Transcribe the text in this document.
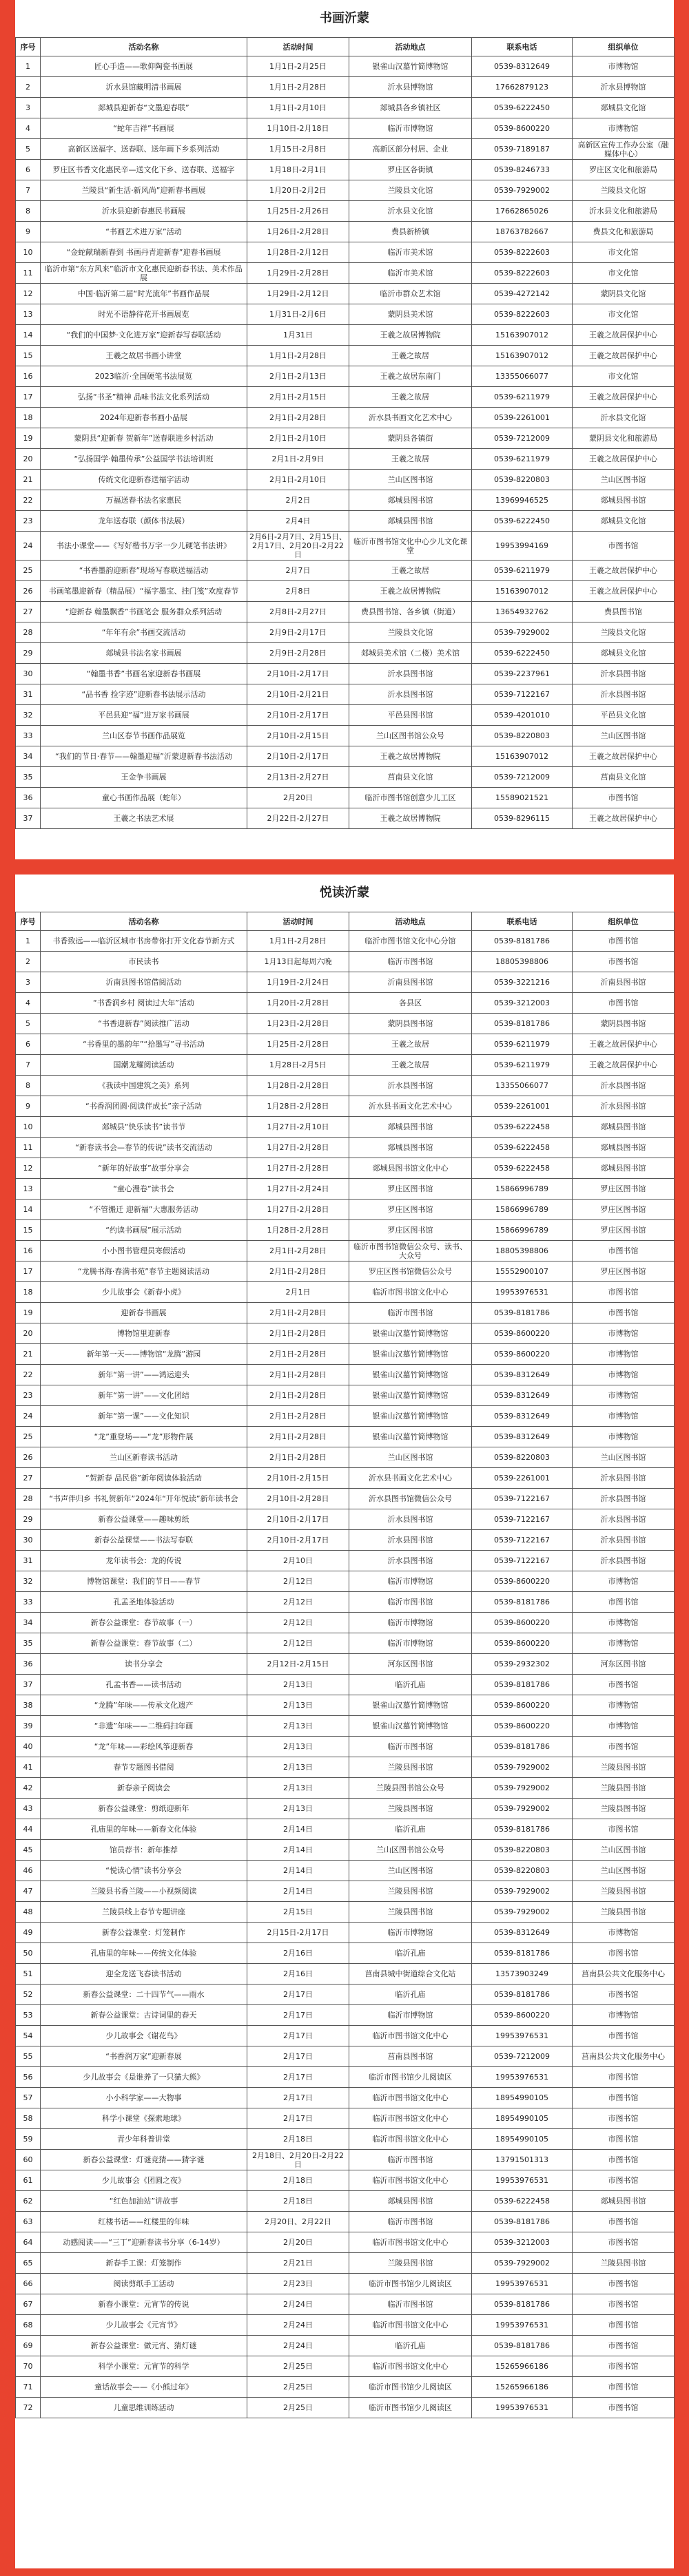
书画沂蒙
序号	活动名称	活动时间	活动地点	联系电话	组织单位
1	匠心手造——歌仰陶瓷书画展	1月1日-2月25日	银雀山汉墓竹简博物馆	0539-8312649	市博物馆
2	沂水县馆藏明清书画展	1月1日-2月28日	沂水县博物馆	17662879123	沂水县博物馆
3	郯城县迎新春“文墨迎春联”	1月1日-2月10日	郯城县各乡镇社区	0539-6222450	郯城县文化馆
4	“蛇年吉祥”书画展	1月10日-2月18日	临沂市博物馆	0539-8600220	市博物馆
5	高新区送福字、送春联、送年画下乡系列活动	1月15日-2月8日	高新区部分村居、企业	0539-7189187	高新区宣传工作办公室（融媒体中心）
6	罗庄区书香文化惠民辛—送文化下乡、送春联、送福字	1月18日-2月1日	罗庄区各街镇	0539-8246733	罗庄区文化和旅游局
7	兰陵县“新生活·新风尚”迎新春书画展	1月20日-2月2日	兰陵县文化馆	0539-7929002	兰陵县文化馆
8	沂水县迎新春惠民书画展	1月25日-2月26日	沂水县文化馆	17662865026	沂水县文化和旅游局
9	“书画艺术进万家”活动	1月26日-2月28日	费县新桥镇	18763782667	费县文化和旅游局
10	“金蛇献瑞新春到 书画丹青迎新春”迎春书画展	1月28日-2月12日	临沂市美术馆	0539-8222603	市文化馆
11	临沂市第“东方风来”临沂市文化惠民迎新春书法、美术作品展	1月29日-2月28日	临沂市美术馆	0539-8222603	市文化馆
12	中国·临沂第二届“时光流年”书画作品展	1月29日-2月12日	临沂市群众艺术馆	0539-4272142	蒙阴县文化馆
13	时光不语静待花开书画展览	1月31日-2月6日	蒙阴县美术馆	0539-8222603	市文化馆
14	“我们的中国梦·文化进万家”迎新春写春联活动	1月31日	王羲之故居博物院	15163907012	王羲之故居保护中心
15	王羲之故居书画小讲堂	1月1日-2月28日	王羲之故居	15163907012	王羲之故居保护中心
16	2023临沂·全国硬笔书法展览	2月1日-2月13日	王羲之故居东南门	13355066077	市文化馆
17	弘扬“书圣”精神 品味书法文化系列活动	2月1日-2月15日	王羲之故居	0539-6211979	王羲之故居保护中心
18	2024年迎新春书画小品展	2月1日-2月28日	沂水县书画文化艺术中心	0539-2261001	沂水县文化馆
19	蒙阴县“迎新春 贺新年”送春联进乡村活动	2月1日-2月10日	蒙阴县各镇街	0539-7212009	蒙阴县文化和旅游局
20	“弘扬国学·翰墨传承”公益国学书法培训班	2月1日-2月9日	王羲之故居	0539-6211979	王羲之故居保护中心
21	传统文化迎新春送福字活动	2月1日-2月10日	兰山区图书馆	0539-8220803	兰山区图书馆
22	万福送春书法名家惠民	2月2日	郯城县图书馆	13969946525	郯城县图书馆
23	龙年送春联（颜体书法展）	2月4日	郯城县图书馆	0539-6222450	郯城县文化馆
24	书法小课堂——《写好楷书万字一少儿硬笔书法讲》	2月6日-2月7日、2月15日、2月17日、2月20日-2月22日	临沂市图书馆文化中心少儿文化课堂	19953994169	市图书馆
25	“书香墨韵迎新春”现场写春联送福活动	2月7日	王羲之故居	0539-6211979	王羲之故居保护中心
26	书画笔墨迎新春（精品展）“福字墨宝、挂门笺”欢度春节	2月8日	王羲之故居博物院	15163907012	王羲之故居保护中心
27	“迎新春 翰墨飘香”书画笔会 服务群众系列活动	2月8日-2月27日	费县图书馆、各乡镇（街道）	13654932762	费县图书馆
28	“年年有余”书画交流活动	2月9日-2月17日	兰陵县文化馆	0539-7929002	兰陵县文化馆
29	郯城县书法名家书画展	2月9日-2月28日	郯城县美术馆（二楼）美术馆	0539-6222450	郯城县文化馆
30	“翰墨书香”书画名家迎新春书画展	2月10日-2月17日	沂水县图书馆	0539-2237961	沂水县图书馆
31	“品书香 捡字迹”迎新春书法展示活动	2月10日-2月21日	沂水县图书馆	0539-7122167	沂水县图书馆
32	平邑县迎“福”进万家书画展	2月10日-2月17日	平邑县图书馆	0539-4201010	平邑县文化馆
33	兰山区春节书画作品展览	2月10日-2月15日	兰山区图书馆公众号	0539-8220803	兰山区图书馆
34	“我们的节日·春节——翰墨迎福”沂蒙迎新春书法活动	2月10日-2月17日	王羲之故居博物院	15163907012	王羲之故居保护中心
35	王金争书画展	2月13日-2月27日	莒南县文化馆	0539-7212009	莒南县文化馆
36	童心书画作品展（蛇年）	2月20日	临沂市图书馆创意少儿工区	15589021521	市图书馆
37	王羲之书法艺术展	2月22日-2月27日	王羲之故居博物院	0539-8296115	王羲之故居保护中心
悦读沂蒙
序号	活动名称	活动时间	活动地点	联系电话	组织单位
1	书香致远——临沂区城市书房带你打开文化春节新方式	1月1日-2月28日	临沂市图书馆文化中心分馆	0539-8181786	市图书馆
2	市民读书	1月13日起每周六晚	临沂市图书馆	18805398806	市图书馆
3	沂南县图书馆借阅活动	1月19日-2月24日	沂南县图书馆	0539-3221216	沂南县图书馆
4	“书香润乡村 阅读过大年”活动	1月20日-2月28日	各县区	0539-3212003	市图书馆
5	“书香迎新春”阅读推广活动	1月23日-2月28日	蒙阴县图书馆	0539-8181786	蒙阴县图书馆
6	“书香里的墨韵年”“拾墨写”寻书活动	1月25日-2月28日	王羲之故居	0539-6211979	王羲之故居保护中心
7	国潮龙耀阅读活动	1月28日-2月5日	王羲之故居	0539-6211979	王羲之故居保护中心
8	《我读中国建筑之美》系列	1月28日-2月28日	沂水县图书馆	13355066077	沂水县图书馆
9	“书香润团圆·阅读伴成长”亲子活动	1月28日-2月28日	沂水县书画文化艺术中心	0539-2261001	沂水县图书馆
10	郯城县“快乐读书”读书节	1月27日-2月10日	郯城县图书馆	0539-6222458	郯城县图书馆
11	“新春读书会—春节的传说”读书交流活动	1月27日-2月28日	郯城县图书馆	0539-6222458	郯城县图书馆
12	“新年的好故事”故事分享会	1月27日-2月28日	郯城县图书馆文化中心	0539-6222458	郯城县图书馆
13	“童心漫卷”读书会	1月27日-2月24日	罗庄区图书馆	15866996789	罗庄区图书馆
14	“不管搬迁 迎新福”大惠服务活动	1月27日-2月28日	罗庄区图书馆	15866996789	罗庄区图书馆
15	“约读书画展”展示活动	1月28日-2月28日	罗庄区图书馆	15866996789	罗庄区图书馆
16	小小图书管理员寒假活动	2月1日-2月28日	临沂市图书馆微信公众号、读书、大众号	18805398806	市图书馆
17	“龙腾书海·春满书苑”春节主题阅读活动	2月1日-2月28日	罗庄区图书馆微信公众号	15552900107	罗庄区图书馆
18	少儿故事会《新春小虎》	2月1日	临沂市图书馆文化中心	19953976531	市图书馆
19	迎新春书画展	2月1日-2月28日	临沂市图书馆	0539-8181786	市图书馆
20	博物馆里迎新春	2月1日-2月28日	银雀山汉墓竹简博物馆	0539-8600220	市博物馆
21	新年第一天——博物馆“龙腾”游园	2月1日-2月28日	银雀山汉墓竹简博物馆	0539-8600220	市博物馆
22	新年“第一讲”——鸿运迎头	2月1日-2月28日	银雀山汉墓竹简博物馆	0539-8312649	市博物馆
23	新年“第一讲”——文化团结	2月1日-2月28日	银雀山汉墓竹简博物馆	0539-8312649	市博物馆
24	新年“第一课”——文化知识	2月1日-2月28日	银雀山汉墓竹简博物馆	0539-8312649	市博物馆
25	“龙”重登场——“龙”形物件展	2月1日-2月28日	银雀山汉墓竹简博物馆	0539-8312649	市博物馆
26	兰山区新春读书活动	2月1日-2月28日	兰山区图书馆	0539-8220803	兰山区图书馆
27	“贺新春 品民俗”新年阅读体验活动	2月10日-2月15日	沂水县书画文化艺术中心	0539-2261001	沂水县图书馆
28	“书声伴归乡 书礼贺新年”2024年“开年悦读”新年读书会	2月10日-2月28日	沂水县图书馆微信公众号	0539-7122167	沂水县图书馆
29	新春公益课堂——趣味剪纸	2月10日-2月17日	沂水县图书馆	0539-7122167	沂水县图书馆
30	新春公益课堂——书法写春联	2月10日-2月17日	沂水县图书馆	0539-7122167	沂水县图书馆
31	龙年读书会：龙的传说	2月10日	沂水县图书馆	0539-7122167	沂水县图书馆
32	博物馆课堂：我们的节日——春节	2月12日	临沂市博物馆	0539-8600220	市博物馆
33	孔孟圣地体验活动	2月12日	临沂市图书馆	0539-8181786	市图书馆
34	新春公益课堂：春节故事（一）	2月12日	临沂市博物馆	0539-8600220	市博物馆
35	新春公益课堂：春节故事（二）	2月12日	临沂市博物馆	0539-8600220	市博物馆
36	读书分享会	2月12日-2月15日	河东区图书馆	0539-2932302	河东区图书馆
37	孔孟书香——读书活动	2月13日	临沂孔庙	0539-8181786	市图书馆
38	“龙腾”年味——传承文化遗产	2月13日	银雀山汉墓竹简博物馆	0539-8600220	市博物馆
39	“非遗”年味——二维码扫年画	2月13日	银雀山汉墓竹简博物馆	0539-8600220	市博物馆
40	“龙”年味——彩绘风筝迎新春	2月13日	临沂市图书馆	0539-8181786	市图书馆
41	春节专题图书借阅	2月13日	兰陵县图书馆	0539-7929002	兰陵县图书馆
42	新春亲子阅读会	2月13日	兰陵县图书馆公众号	0539-7929002	兰陵县图书馆
43	新春公益课堂：剪纸迎新年	2月13日	兰陵县图书馆	0539-7929002	兰陵县图书馆
44	孔庙里的年味——新春文化体验	2月14日	临沂孔庙	0539-8181786	市图书馆
45	馆员荐书：新年推荐	2月14日	兰山区图书馆公众号	0539-8220803	兰山区图书馆
46	“悦读心情”读书分享会	2月14日	兰山区图书馆	0539-8220803	兰山区图书馆
47	兰陵县书香兰陵——小视频阅读	2月14日	兰陵县图书馆	0539-7929002	兰陵县图书馆
48	兰陵县线上春节专题讲座	2月15日	兰陵县图书馆	0539-7929002	兰陵县图书馆
49	新春公益课堂：灯笼制作	2月15日-2月17日	临沂市博物馆	0539-8312649	市博物馆
50	孔庙里的年味——传统文化体验	2月16日	临沂孔庙	0539-8181786	市图书馆
51	迎全龙送飞春读书活动	2月16日	莒南县城中街道综合文化站	13573903249	莒南县公共文化服务中心
52	新春公益课堂：二十四节气——雨水	2月17日	临沂孔庙	0539-8181786	市图书馆
53	新春公益课堂：古诗词里的春天	2月17日	临沂市博物馆	0539-8600220	市博物馆
54	少儿故事会《谢花鸟》	2月17日	临沂市图书馆文化中心	19953976531	市图书馆
55	“书香润万家”迎新春展	2月17日	莒南县图书馆	0539-7212009	莒南县公共文化服务中心
56	少儿故事会《是谁养了一只猫大熊》	2月17日	临沂市图书馆少儿阅读区	19953976531	市图书馆
57	小小科学家——大物事	2月17日	临沂市图书馆文化中心	18954990105	市图书馆
58	科学小课堂《探索地球》	2月17日	临沂市图书馆文化中心	18954990105	市图书馆
59	青少年科普讲堂	2月18日	临沂市图书馆文化中心	18954990105	市图书馆
60	新春公益课堂：灯谜竞猜——猜字谜	2月18日、2月20日-2月22日	临沂市图书馆	13791501313	市图书馆
61	少儿故事会《团圆之夜》	2月18日	临沂市图书馆文化中心	19953976531	市图书馆
62	“红色加油站”讲故事	2月18日	郯城县图书馆	0539-6222458	郯城县图书馆
63	红楼书话——红楼里的年味	2月20日、2月22日	临沂市图书馆	0539-8181786	市图书馆
64	动感阅读——“三丁”迎新春读书分享（6-14岁）	2月20日	临沂市图书馆文化中心	0539-3212003	市图书馆
65	新春手工课：灯笼制作	2月21日	兰陵县图书馆	0539-7929002	兰陵县图书馆
66	阅读剪纸手工活动	2月23日	临沂市图书馆少儿阅读区	19953976531	市图书馆
67	新春小课堂：元宵节的传说	2月24日	临沂市图书馆	0539-8181786	市图书馆
68	少儿故事会《元宵节》	2月24日	临沂市图书馆文化中心	19953976531	市图书馆
69	新春公益课堂：做元宵、猜灯谜	2月24日	临沂孔庙	0539-8181786	市图书馆
70	科学小课堂：元宵节的科学	2月25日	临沂市图书馆文化中心	15265966186	市图书馆
71	童话故事会——《小熊过年》	2月25日	临沂市图书馆少儿阅读区	15265966186	市图书馆
72	儿童思维训练活动	2月25日	临沂市图书馆少儿阅读区	19953976531	市图书馆
